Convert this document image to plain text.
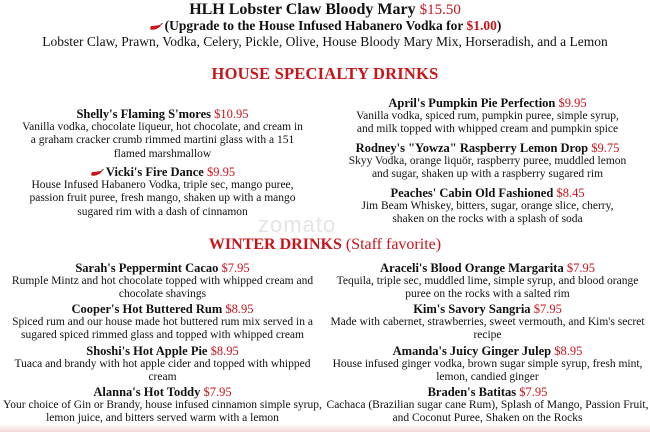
HLH Lobster Claw Bloody Mary $15.50
(Upgrade to the House Infused Habanero Vodka for $1.00)
Lobster Claw, Prawn, Vodka, Celery, Pickle, Olive, House Bloody Mary Mix, Horseradish, and a Lemon
HOUSE SPECIALTY DRINKS
Shelly's Flaming S'mores $10.95
Vanilla vodka, chocolate liqueur, hot chocolate, and cream in
a graham cracker crumb rimmed martini glass with a 151
flamed marshmallow
Vicki's Fire Dance $9.95
House Infused Habanero Vodka, triple sec, mango puree,
passion fruit puree, fresh mango, shaken up with a mango
sugared rim with a dash of cinnamon
April's Pumpkin Pie Perfection $9.95
Vanilla vodka, spiced rum, pumpkin puree, simple syrup,
and milk topped with whipped cream and pumpkin spice
Rodney's "Yowza" Raspberry Lemon Drop $9.75
Skyy Vodka, orange liquör, raspberry puree, muddled lemon
and sugar, shaken up with a raspberry sugared rim
Peaches' Cabin Old Fashioned $8.45
Jim Beam Whiskey, bitters, sugar, orange slice, cherry,
shaken on the rocks with a splash of soda
zomato
WINTER DRINKS (Staff favorite)
Sarah's Peppermint Cacao $7.95
Rumple Mintz and hot chocolate topped with whipped cream and
chocolate shavings
Cooper's Hot Buttered Rum $8.95
Spiced rum and our house made hot buttered rum mix served in a
sugared spiced rimmed glass and topped with whipped cream
Shoshi's Hot Apple Pie $8.95
Tuaca and brandy with hot apple cider and topped with whipped
cream
Alanna's Hot Toddy $7.95
Your choice of Gin or Brandy, house infused cinnamon simple syrup,
lemon juice, and bitters served warm with a lemon
Araceli's Blood Orange Margarita $7.95
Tequila, triple sec, muddled lime, simple syrup, and blood orange
puree on the rocks with a salted rim
Kim's Savory Sangria $7.95
Made with cabernet, strawberries, sweet vermouth, and Kim's secret
recipe
Amanda's Juicy Ginger Julep $8.95
House infused ginger vodka, brown sugar simple syrup, fresh mint,
lemon, candied ginger
Braden's Batitas $7.95
Cachaca (Brazilian sugar cane Rum), Splash of Mango, Passion Fruit,
and Coconut Puree, Shaken on the Rocks
